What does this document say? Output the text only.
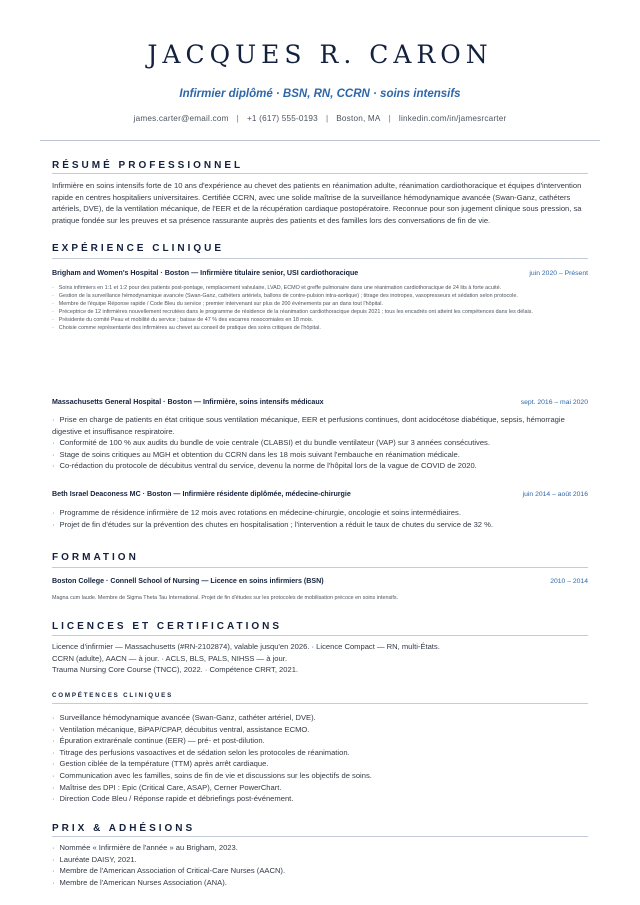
JACQUES R. CARON
Infirmier diplômé · BSN, RN, CCRN · soins intensifs
james.carter@email.com | +1 (617) 555-0193 | Boston, MA | linkedin.com/in/jamesrcarter
RÉSUMÉ PROFESSIONNEL
Infirmière en soins intensifs forte de 10 ans d'expérience au chevet des patients en réanimation adulte, réanimation cardiothoracique et équipes d'intervention rapide en centres hospitaliers universitaires. Certifiée CCRN, avec une solide maîtrise de la surveillance hémodynamique avancée (Swan-Ganz, cathéters artériels, DVE), de la ventilation mécanique, de l'EER et de la récupération cardiaque postopératoire. Reconnue pour son jugement clinique sous pression, sa pratique fondée sur les preuves et sa présence rassurante auprès des patients et des familles lors des conversations de fin de vie.
EXPÉRIENCE CLINIQUE
Brigham and Women's Hospital · Boston — Infirmière titulaire senior, USI cardiothoracique	juin 2020 – Présent
· Soins infirmiers en 1:1 et 1:2 pour des patients post-pontage, remplacement valvulaire, LVAD, ECMO et greffe pulmonaire dans une réanimation cardiothoracique de 24 lits à forte acuité.
· Gestion de la surveillance hémodynamique avancée (Swan-Ganz, cathéters artériels, ballons de contre-pulsion intra-aortique) ; titrage des inotropes, vasopresseurs et sédation selon protocole.
· Membre de l'équipe Réponse rapide / Code Bleu du service ; premier intervenant sur plus de 200 événements par an dans tout l'hôpital.
· Préceptrice de 12 infirmières nouvellement recrutées dans le programme de résidence de la réanimation cardiothoracique depuis 2021 ; tous les encadrés ont atteint les compétences dans les délais.
· Présidente du comité Peau et mobilité du service ; baisse de 47 % des escarres nosocomiales en 18 mois.
· Choisie comme représentante des infirmières au chevet au conseil de pratique des soins critiques de l'hôpital.
Massachusetts General Hospital · Boston — Infirmière, soins intensifs médicaux	sept. 2016 – mai 2020
· Prise en charge de patients en état critique sous ventilation mécanique, EER et perfusions continues, dont acidocétose diabétique, sepsis, hémorragie digestive et insuffisance respiratoire.
· Conformité de 100 % aux audits du bundle de voie centrale (CLABSI) et du bundle ventilateur (VAP) sur 3 années consécutives.
· Stage de soins critiques au MGH et obtention du CCRN dans les 18 mois suivant l'embauche en réanimation médicale.
· Co-rédaction du protocole de décubitus ventral du service, devenu la norme de l'hôpital lors de la vague de COVID de 2020.
Beth Israel Deaconess MC · Boston — Infirmière résidente diplômée, médecine-chirurgie	juin 2014 – août 2016
· Programme de résidence infirmière de 12 mois avec rotations en médecine-chirurgie, oncologie et soins intermédiaires.
· Projet de fin d'études sur la prévention des chutes en hospitalisation ; l'intervention a réduit le taux de chutes du service de 32 %.
FORMATION
Boston College · Connell School of Nursing — Licence en soins infirmiers (BSN)	2010 – 2014
Magna cum laude. Membre de Sigma Theta Tau International. Projet de fin d'études sur les protocoles de mobilisation précoce en soins intensifs.
LICENCES ET CERTIFICATIONS
Licence d'infirmier — Massachusetts (#RN-2102874), valable jusqu'en 2026. · Licence Compact — RN, multi-États.
CCRN (adulte), AACN — à jour. · ACLS, BLS, PALS, NIHSS — à jour.
Trauma Nursing Core Course (TNCC), 2022. · Compétence CRRT, 2021.
COMPÉTENCES CLINIQUES
· Surveillance hémodynamique avancée (Swan-Ganz, cathéter artériel, DVE).
· Ventilation mécanique, BiPAP/CPAP, décubitus ventral, assistance ECMO.
· Épuration extrarénale continue (EER) — pré- et post-dilution.
· Titrage des perfusions vasoactives et de sédation selon les protocoles de réanimation.
· Gestion ciblée de la température (TTM) après arrêt cardiaque.
· Communication avec les familles, soins de fin de vie et discussions sur les objectifs de soins.
· Maîtrise des DPI : Epic (Critical Care, ASAP), Cerner PowerChart.
· Direction Code Bleu / Réponse rapide et débriefings post-événement.
PRIX & ADHÉSIONS
· Nommée « Infirmière de l'année » au Brigham, 2023.
· Lauréate DAISY, 2021.
· Membre de l'American Association of Critical-Care Nurses (AACN).
· Membre de l'American Nurses Association (ANA).
